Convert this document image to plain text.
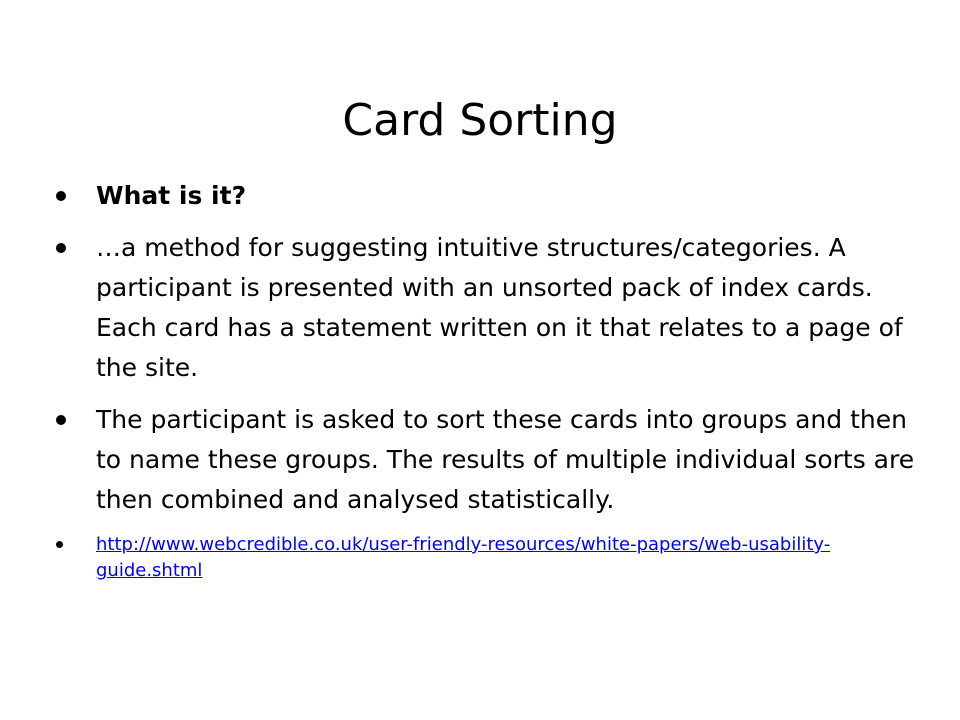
Card Sorting
What is it?
…a method for suggesting intuitive structures/categories. A participant is presented with an unsorted pack of index cards. Each card has a statement written on it that relates to a page of the site.
The participant is asked to sort these cards into groups and then to name these groups. The results of multiple individual sorts are then combined and analysed statistically.
http://www.webcredible.co.uk/user-friendly-resources/white-papers/web-usability-guide.shtml
